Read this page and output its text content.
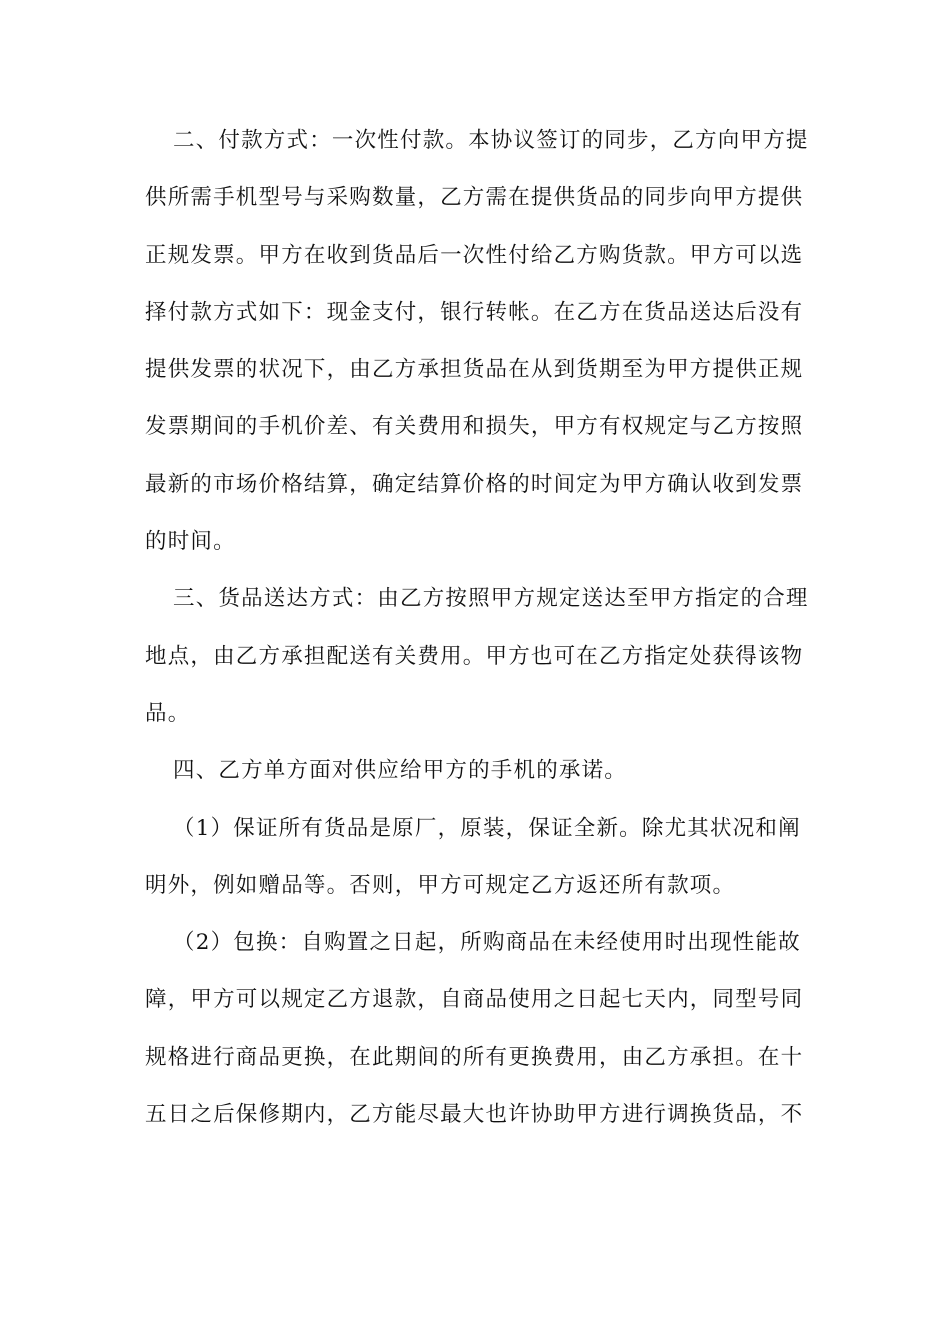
二、付款方式：一次性付款。本协议签订的同步，乙方向甲方提
供所需手机型号与采购数量，乙方需在提供货品的同步向甲方提供
正规发票。甲方在收到货品后一次性付给乙方购货款。甲方可以选
择付款方式如下：现金支付，银行转帐。在乙方在货品送达后没有
提供发票的状况下，由乙方承担货品在从到货期至为甲方提供正规
发票期间的手机价差、有关费用和损失，甲方有权规定与乙方按照
最新的市场价格结算，确定结算价格的时间定为甲方确认收到发票
的时间。
三、货品送达方式：由乙方按照甲方规定送达至甲方指定的合理
地点，由乙方承担配送有关费用。甲方也可在乙方指定处获得该物
品。
四、乙方单方面对供应给甲方的手机的承诺。
（1）保证所有货品是原厂，原装，保证全新。除尤其状况和阐
明外，例如赠品等。否则，甲方可规定乙方返还所有款项。
（2）包换：自购置之日起，所购商品在未经使用时出现性能故
障，甲方可以规定乙方退款，自商品使用之日起七天内，同型号同
规格进行商品更换，在此期间的所有更换费用，由乙方承担。在十
五日之后保修期内，乙方能尽最大也许协助甲方进行调换货品，不
